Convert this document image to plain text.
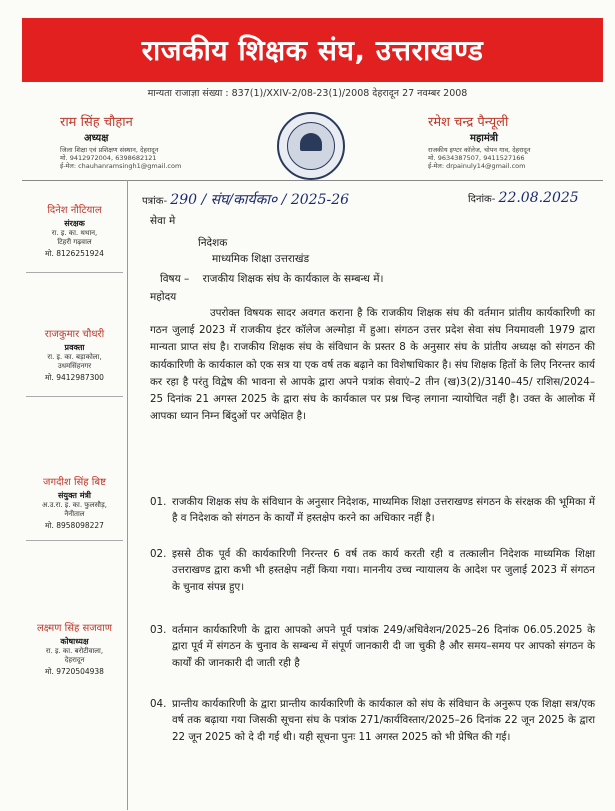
राजकीय शिक्षक संघ, उत्तराखण्ड
मान्यता राजाज्ञा संख्या : 837(1)/XXIV-2/08-23(1)/2008 देहरादून 27 नवम्बर 2008
राम सिंह चौहान
अध्यक्ष
जिला शिक्षा एवं प्रशिक्षण संस्थान, देहरादून
मो. 9412972004, 6398682121
ई-मेल: chauhanramsingh1@gmail.com
रमेश चन्द्र पैन्यूली
महामंत्री
राजकीय इण्टर कॉलेज, चोपन गाव, देहरादून
मो. 9634387507, 9411527166
ई-मेल: drpainuly14@gmail.com
दिनेश नौटियाल
संरक्षक
रा. इ. का. थथान,
टिहरी गढ़वाल
मो. 8126251924
राजकुमार चौधरी
प्रवक्ता
रा. इ. का. बड़ाकोला,
उधमसिंहनगर
मो. 9412987300
जगदीश सिंह बिष्ट
संयुक्त मंत्री
अ.उ.रा. इ. का. फुलसौड़,
नैनीताल
मो. 8958098227
लक्ष्मण सिंह सजवाण
कोषाध्यक्ष
रा. इ. का. बरोटीवाला,
देहरादून
मो. 9720504938
पत्रांक- 290 / संघ/कार्यका० / 2025-26	दिनांक- 22.08.2025
सेवा मे
निदेशक
माध्यमिक शिक्षा उत्तराखंड
विषय – राजकीय शिक्षक संघ के कार्यकाल के सम्बन्ध में।
महोदय
उपरोक्त विषयक सादर अवगत कराना है कि राजकीय शिक्षक संघ की वर्तमान प्रांतीय कार्यकारिणी का गठन जुलाई 2023 में राजकीय इंटर कॉलेज अल्मोड़ा में हुआ। संगठन उत्तर प्रदेश सेवा संघ नियमावली 1979 द्वारा मान्यता प्राप्त संघ है। राजकीय शिक्षक संघ के संविधान के प्रस्तर 8 के अनुसार संघ के प्रांतीय अध्यक्ष को संगठन की कार्यकारिणी के कार्यकाल को एक सत्र या एक वर्ष तक बढ़ाने का विशेषाधिकार है। संघ शिक्षक हितों के लिए निरन्तर कार्य कर रहा है परंतु विद्वेष की भावना से आपके द्वारा अपने पत्रांक सेवाएं–2 तीन (ख)3(2)/3140–45/ राशिस/2024–25 दिनांक 21 अगस्त 2025 के द्वारा संघ के कार्यकाल पर प्रश्न चिन्ह लगाना न्यायोचित नहीं है। उक्त के आलोक में आपका ध्यान निम्न बिंदुओं पर अपेक्षित है।
01. राजकीय शिक्षक संघ के संविधान के अनुसार निदेशक, माध्यमिक शिक्षा उत्तराखण्ड संगठन के संरक्षक की भूमिका में है व निदेशक को संगठन के कार्यों में हस्तक्षेप करने का अधिकार नहीं है।
02. इससे ठीक पूर्व की कार्यकारिणी निरन्तर 6 वर्ष तक कार्य करती रही व तत्कालीन निदेशक माध्यमिक शिक्षा उत्तराखण्ड द्वारा कभी भी हस्तक्षेप नहीं किया गया। माननीय उच्च न्यायालय के आदेश पर जुलाई 2023 में संगठन के चुनाव संपन्न हुए।
03. वर्तमान कार्यकारिणी के द्वारा आपको अपने पूर्व पत्रांक 249/अधिवेशन/2025–26 दिनांक 06.05.2025 के द्वारा पूर्व में संगठन के चुनाव के सम्बन्ध में संपूर्ण जानकारी दी जा चुकी है और समय–समय पर आपको संगठन के कार्यों की जानकारी दी जाती रही है
04. प्रान्तीय कार्यकारिणी के द्वारा प्रान्तीय कार्यकारिणी के कार्यकाल को संघ के संविधान के अनुरूप एक शिक्षा सत्र/एक वर्ष तक बढ़ाया गया जिसकी सूचना संघ के पत्रांक 271/कार्यविस्तार/2025–26 दिनांक 22 जून 2025 के द्वारा 22 जून 2025 को दे दी गई थी। यही सूचना पुनः 11 अगस्त 2025 को भी प्रेषित की गई।
